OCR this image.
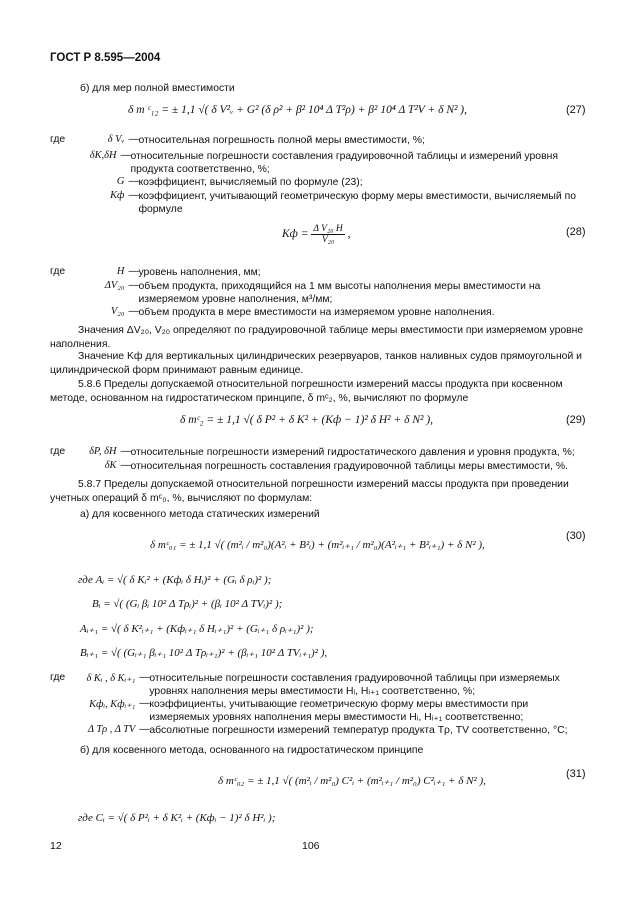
ГОСТ Р 8.595—2004
б) для мер полной вместимости
δ m ᶜ₁₂ = ± 1,1 √( δ V²ᵥ + G² (δ ρ² + β² 10⁴ Δ T²ρ) + β² 10⁴ Δ T²V + δ N² ),	(27)
где	δ Vᵥ — относительная погрешность полной меры вместимости, %;
δK,δH — относительные погрешности составления градуировочной таблицы и измерений уровня продукта соответственно, %;
G — коэффициент, вычисляемый по формуле (23);
Kф — коэффициент, учитывающий геометрическую форму меры вместимости, вычисляемый по формуле
Kф = $\frac{\text{Δ V₂₀ H}}{\text{V₂₀}}$ ,	(28)
где	H — уровень наполнения, мм;
ΔV₂₀ — объем продукта, приходящийся на 1 мм высоты наполнения меры вместимости на измеряемом уровне наполнения, м³/мм;
V₂₀ — объем продукта в мере вместимости на измеряемом уровне наполнения.
Значения ΔV₂₀, V₂₀ определяют по градуировочной таблице меры вместимости при измеряемом уровне наполнения.
Значение Kф для вертикальных цилиндрических резервуаров, танков наливных судов прямоугольной и цилиндрической форм принимают равным единице.
5.8.6 Пределы допускаемой относительной погрешности измерений массы продукта при косвенном методе, основанном на гидростатическом принципе, δ mᶜ₂, %, вычисляют по формуле
δ mᶜ₂ = ± 1,1 √( δ P² + δ K² + (Kф − 1)² δ H² + δ N² ),	(29)
где	δP, δH — относительные погрешности измерений гидростатического давления и уровня продукта, %;
δK — относительная погрешность составления градуировочной таблицы меры вместимости, %.
5.8.7 Пределы допускаемой относительной погрешности измерений массы продукта при проведении учетных операций δ mᶜ₀, %, вычисляют по формулам:
а) для косвенного метода статических измерений
δ mᶜ₀₁ = ± 1,1 √( (m²ᵢ / m²₀)(A²ᵢ + B²ᵢ) + (m²ᵢ₊₁ / m²₀)(A²ᵢ₊₁ + B²ᵢ₊₁) + δ N² ),
(30)
где Aᵢ = √( δ Kᵢ² + (Kфᵢ δ Hᵢ)² + (Gᵢ δ ρᵢ)² );
Bᵢ = √( (Gᵢ βᵢ 10² Δ Tρᵢ)² + (βᵢ 10² Δ TVᵢ)² );
Aᵢ₊₁ = √( δ K²ᵢ₊₁ + (Kфᵢ₊₁ δ Hᵢ₊₁)² + (Gᵢ₊₁ δ ρᵢ₊₁)² );
Bᵢ₊₁ = √( (Gᵢ₊₁ βᵢ₊₁ 10² Δ Tρᵢ₊₁)² + (βᵢ₊₁ 10² Δ TVᵢ₊₁)² ),
где	δ Kᵢ , δ Kᵢ₊₁ — относительные погрешности составления градуировочной таблицы при измеряемых уровнях наполнения меры вместимости Hᵢ, Hᵢ₊₁ соответственно, %;
Kфᵢ, Kфᵢ₊₁ — коэффициенты, учитывающие геометрическую форму меры вместимости при измеряемых уровнях наполнения меры вместимости Hᵢ, Hᵢ₊₁ соответственно;
Δ Tρ , Δ TV — абсолютные погрешности измерений температур продукта Tρ, TV соответственно, °С;
б) для косвенного метода, основанного на гидростатическом принципе
δ mᶜ₀₂ = ± 1,1 √( (m²ᵢ / m²₀) C²ᵢ + (m²ᵢ₊₁ / m²₀) C²ᵢ₊₁ + δ N² ),
(31)
где Cᵢ = √( δ P²ᵢ + δ K²ᵢ + (Kфᵢ − 1)² δ H²ᵢ );
12	106
